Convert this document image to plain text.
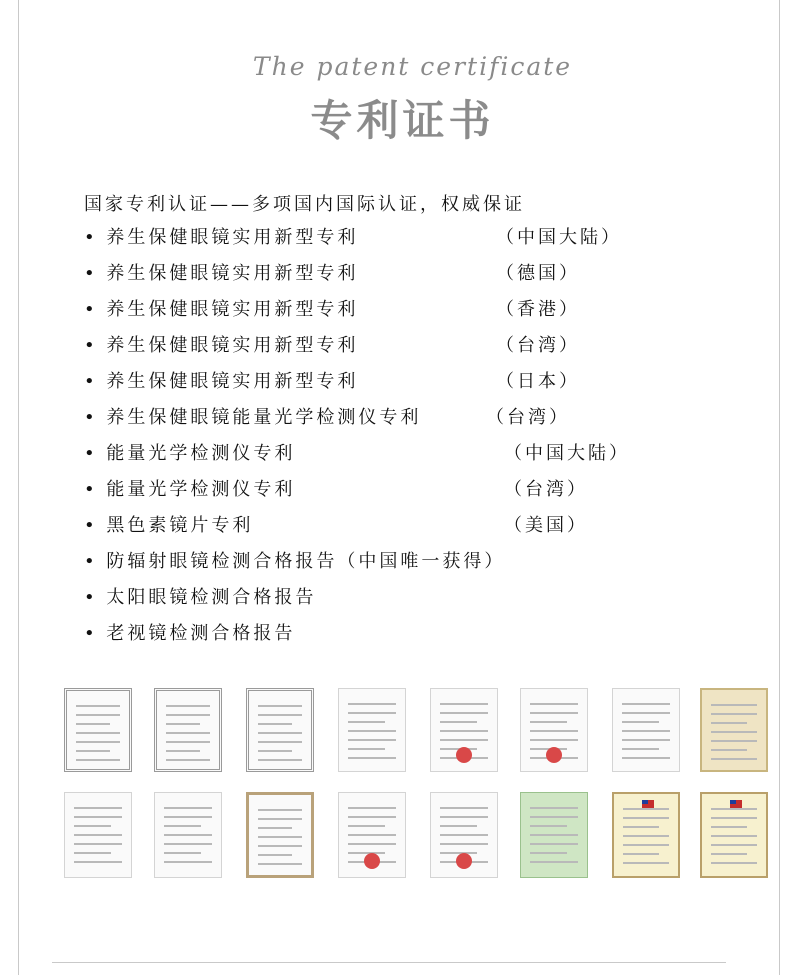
The patent certificate
专利证书
国家专利认证——多项国内国际认证，权威保证
• 养生保健眼镜实用新型专利	（中国大陆）
• 养生保健眼镜实用新型专利	（德国）
• 养生保健眼镜实用新型专利	（香港）
• 养生保健眼镜实用新型专利	（台湾）
• 养生保健眼镜实用新型专利	（日本）
• 养生保健眼镜能量光学检测仪专利	（台湾）
• 能量光学检测仪专利	（中国大陆）
• 能量光学检测仪专利	（台湾）
• 黑色素镜片专利	（美国）
• 防辐射眼镜检测合格报告（中国唯一获得）
• 太阳眼镜检测合格报告
• 老视镜检测合格报告
